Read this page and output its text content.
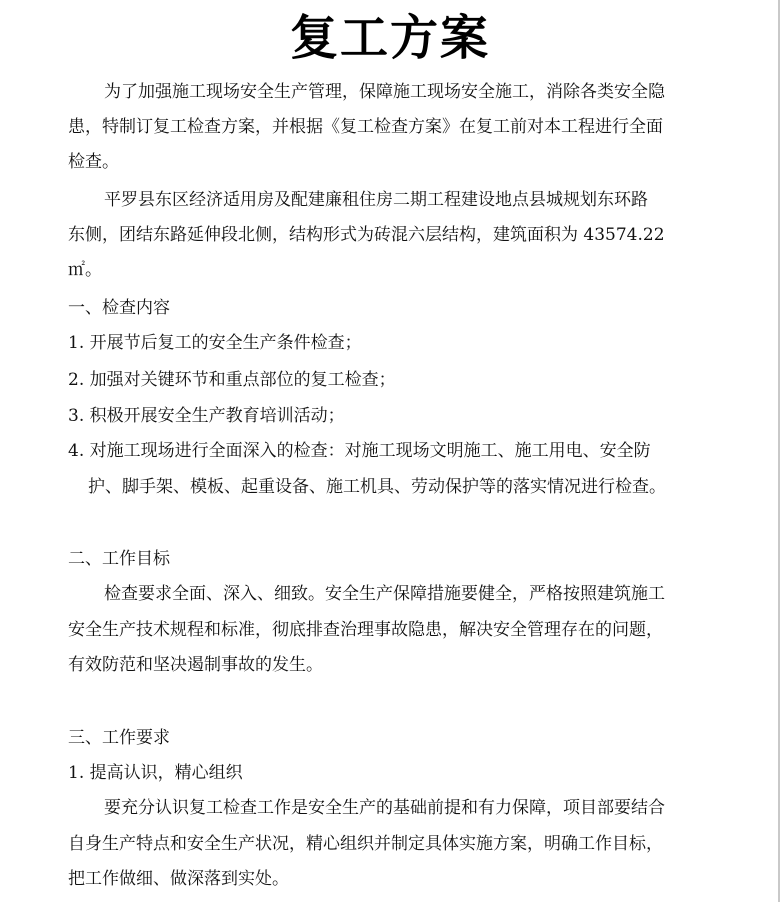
复工方案
为了加强施工现场安全生产管理，保障施工现场安全施工，消除各类安全隐
患，特制订复工检查方案，并根据《复工检查方案》在复工前对本工程进行全面
检查。
平罗县东区经济适用房及配建廉租住房二期工程建设地点县城规划东环路
东侧，团结东路延伸段北侧，结构形式为砖混六层结构，建筑面积为 43574.22
㎡。
一、检查内容
1. 开展节后复工的安全生产条件检查；
2. 加强对关键环节和重点部位的复工检查；
3. 积极开展安全生产教育培训活动；
4. 对施工现场进行全面深入的检查：对施工现场文明施工、施工用电、安全防
护、脚手架、模板、起重设备、施工机具、劳动保护等的落实情况进行检查。
二、工作目标
检查要求全面、深入、细致。安全生产保障措施要健全，严格按照建筑施工
安全生产技术规程和标准，彻底排查治理事故隐患，解决安全管理存在的问题，
有效防范和坚决遏制事故的发生。
三、工作要求
1. 提高认识，精心组织
要充分认识复工检查工作是安全生产的基础前提和有力保障，项目部要结合
自身生产特点和安全生产状况，精心组织并制定具体实施方案，明确工作目标，
把工作做细、做深落到实处。
